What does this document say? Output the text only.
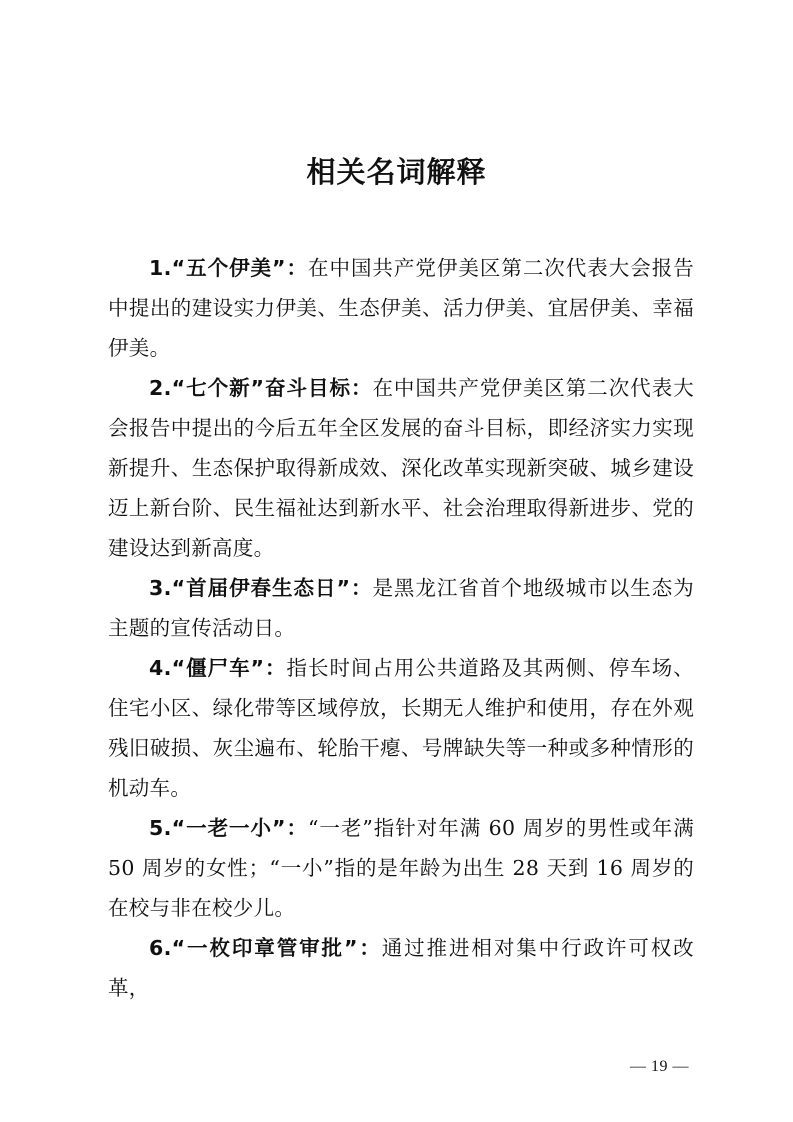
相关名词解释

1.“五个伊美”：在中国共产党伊美区第二次代表大会报告中提出的建设实力伊美、生态伊美、活力伊美、宜居伊美、幸福伊美。

2.“七个新”奋斗目标：在中国共产党伊美区第二次代表大会报告中提出的今后五年全区发展的奋斗目标，即经济实力实现新提升、生态保护取得新成效、深化改革实现新突破、城乡建设迈上新台阶、民生福祉达到新水平、社会治理取得新进步、党的建设达到新高度。

3.“首届伊春生态日”：是黑龙江省首个地级城市以生态为主题的宣传活动日。

4.“僵尸车”：指长时间占用公共道路及其两侧、停车场、住宅小区、绿化带等区域停放，长期无人维护和使用，存在外观残旧破损、灰尘遍布、轮胎干瘪、号牌缺失等一种或多种情形的机动车。

5.“一老一小”：“一老”指针对年满 60 周岁的男性或年满 50 周岁的女性；“一小”指的是年龄为出生 28 天到 16 周岁的在校与非在校少儿。

6.“一枚印章管审批”：通过推进相对集中行政许可权改革，

— 19 —
